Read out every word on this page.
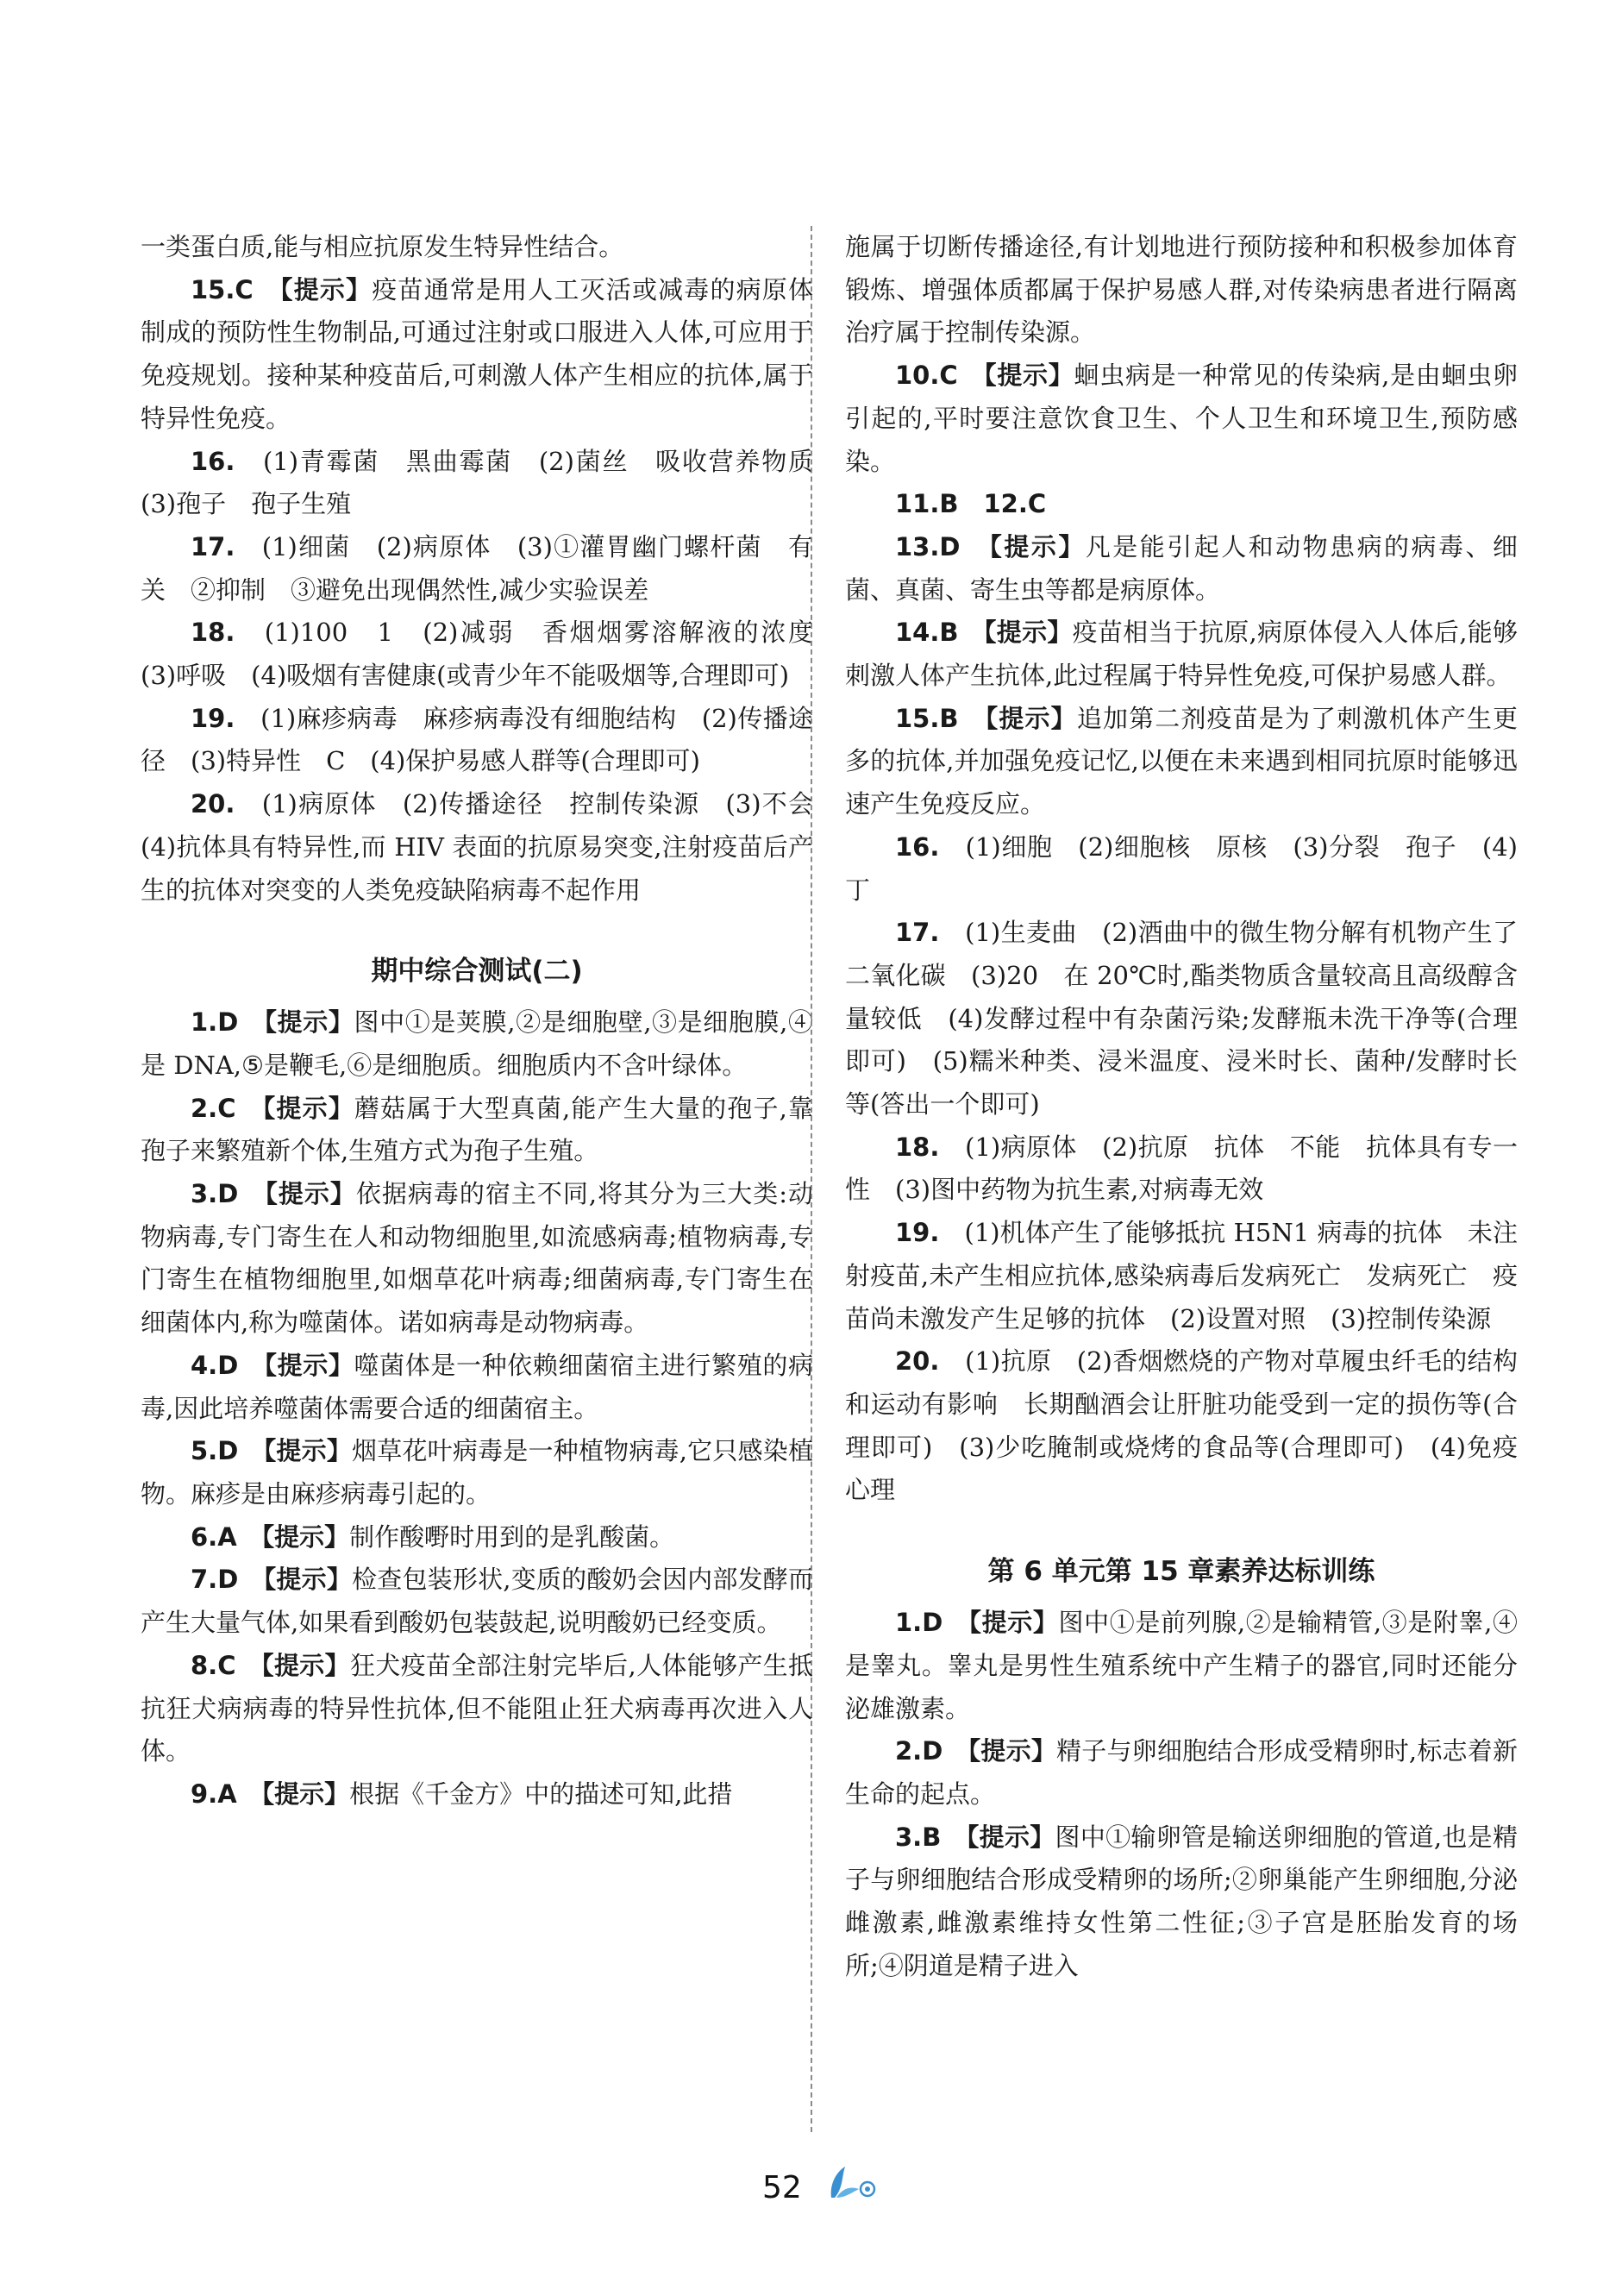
一类蛋白质,能与相应抗原发生特异性结合。

15.C　 【提示】疫苗通常是用人工灭活或减毒的病原体制成的预防性生物制品,可通过注射或口服进入人体,可应用于免疫规划。接种某种疫苗后,可刺激人体产生相应的抗体,属于特异性免疫。

16.　 (1)青霉菌　黑曲霉菌　(2)菌丝　吸收营养物质　(3)孢子　孢子生殖

17.　 (1)细菌　(2)病原体　(3)①灌胃幽门螺杆菌　有关　②抑制　③避免出现偶然性,减少实验误差

18.　 (1)100　1　(2)减弱　香烟烟雾溶解液的浓度　(3)呼吸　(4)吸烟有害健康(或青少年不能吸烟等,合理即可)

19.　 (1)麻疹病毒　麻疹病毒没有细胞结构　(2)传播途径　(3)特异性　C　(4)保护易感人群等(合理即可)

20.　 (1)病原体　(2)传播途径　控制传染源　(3)不会　(4)抗体具有特异性,而 HIV 表面的抗原易突变,注射疫苗后产生的抗体对突变的人类免疫缺陷病毒不起作用

期中综合测试(二)

1.D　 【提示】图中①是荚膜,②是细胞壁,③是细胞膜,④是 DNA,⑤是鞭毛,⑥是细胞质。细胞质内不含叶绿体。

2.C　 【提示】蘑菇属于大型真菌,能产生大量的孢子,靠孢子来繁殖新个体,生殖方式为孢子生殖。

3.D　 【提示】依据病毒的宿主不同,将其分为三大类:动物病毒,专门寄生在人和动物细胞里,如流感病毒;植物病毒,专门寄生在植物细胞里,如烟草花叶病毒;细菌病毒,专门寄生在细菌体内,称为噬菌体。诺如病毒是动物病毒。

4.D　 【提示】噬菌体是一种依赖细菌宿主进行繁殖的病毒,因此培养噬菌体需要合适的细菌宿主。

5.D　 【提示】烟草花叶病毒是一种植物病毒,它只感染植物。麻疹是由麻疹病毒引起的。

6.A　 【提示】制作酸嘢时用到的是乳酸菌。

7.D　 【提示】检查包装形状,变质的酸奶会因内部发酵而产生大量气体,如果看到酸奶包装鼓起,说明酸奶已经变质。

8.C　 【提示】狂犬疫苗全部注射完毕后,人体能够产生抵抗狂犬病病毒的特异性抗体,但不能阻止狂犬病毒再次进入人体。

9.A　 【提示】根据《千金方》中的描述可知,此措

施属于切断传播途径,有计划地进行预防接种和积极参加体育锻炼、增强体质都属于保护易感人群,对传染病患者进行隔离治疗属于控制传染源。

10.C　 【提示】蛔虫病是一种常见的传染病,是由蛔虫卵引起的,平时要注意饮食卫生、个人卫生和环境卫生,预防感染。

11.B　12.C　

13.D　 【提示】凡是能引起人和动物患病的病毒、细菌、真菌、寄生虫等都是病原体。

14.B　 【提示】疫苗相当于抗原,病原体侵入人体后,能够刺激人体产生抗体,此过程属于特异性免疫,可保护易感人群。

15.B　 【提示】追加第二剂疫苗是为了刺激机体产生更多的抗体,并加强免疫记忆,以便在未来遇到相同抗原时能够迅速产生免疫反应。

16.　 (1)细胞　(2)细胞核　原核　(3)分裂　孢子　(4)丁

17.　 (1)生麦曲　(2)酒曲中的微生物分解有机物产生了二氧化碳　(3)20　在 20℃时,酯类物质含量较高且高级醇含量较低　(4)发酵过程中有杂菌污染;发酵瓶未洗干净等(合理即可)　(5)糯米种类、浸米温度、浸米时长、菌种/发酵时长等(答出一个即可)

18.　 (1)病原体　(2)抗原　抗体　不能　抗体具有专一性　(3)图中药物为抗生素,对病毒无效

19.　 (1)机体产生了能够抵抗 H5N1 病毒的抗体　未注射疫苗,未产生相应抗体,感染病毒后发病死亡　发病死亡　疫苗尚未激发产生足够的抗体　(2)设置对照　(3)控制传染源

20.　 (1)抗原　(2)香烟燃烧的产物对草履虫纤毛的结构和运动有影响　长期酗酒会让肝脏功能受到一定的损伤等(合理即可)　(3)少吃腌制或烧烤的食品等(合理即可)　(4)免疫　心理

第 6 单元第 15 章素养达标训练

1.D　 【提示】图中①是前列腺,②是输精管,③是附睾,④是睾丸。睾丸是男性生殖系统中产生精子的器官,同时还能分泌雄激素。

2.D　 【提示】精子与卵细胞结合形成受精卵时,标志着新生命的起点。

3.B　 【提示】图中①输卵管是输送卵细胞的管道,也是精子与卵细胞结合形成受精卵的场所;②卵巢能产生卵细胞,分泌雌激素,雌激素维持女性第二性征;③子宫是胚胎发育的场所;④阴道是精子进入

52
